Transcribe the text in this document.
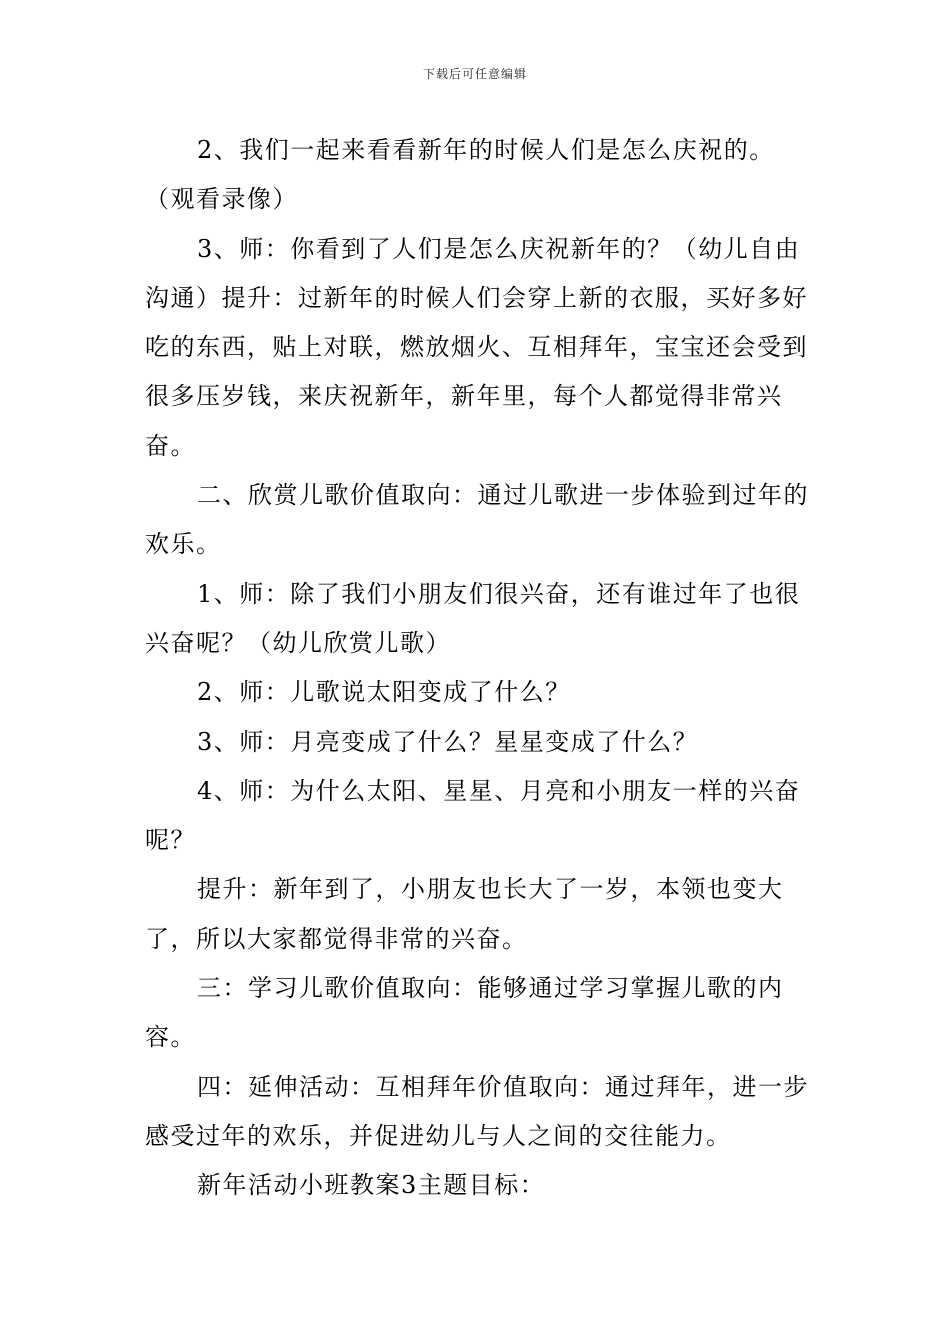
下载后可任意编辑

2、我们一起来看看新年的时候人们是怎么庆祝的。（观看录像）

3、师：你看到了人们是怎么庆祝新年的？（幼儿自由沟通）提升：过新年的时候人们会穿上新的衣服，买好多好吃的东西，贴上对联，燃放烟火、互相拜年，宝宝还会受到很多压岁钱，来庆祝新年，新年里，每个人都觉得非常兴奋。

二、欣赏儿歌价值取向：通过儿歌进一步体验到过年的欢乐。

1、师：除了我们小朋友们很兴奋，还有谁过年了也很兴奋呢？（幼儿欣赏儿歌）

2、师：儿歌说太阳变成了什么？

3、师：月亮变成了什么？星星变成了什么？

4、师：为什么太阳、星星、月亮和小朋友一样的兴奋呢？

提升：新年到了，小朋友也长大了一岁，本领也变大了，所以大家都觉得非常的兴奋。

三：学习儿歌价值取向：能够通过学习掌握儿歌的内容。

四：延伸活动：互相拜年价值取向：通过拜年，进一步感受过年的欢乐，并促进幼儿与人之间的交往能力。

新年活动小班教案3主题目标：
